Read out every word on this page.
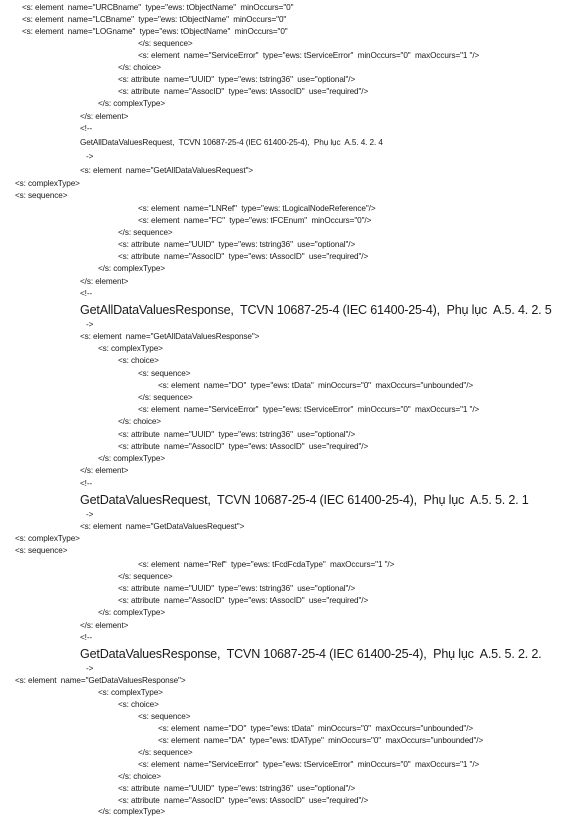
<s: element  name="URCBname"  type="ews: tObjectName"  minOccurs="0"
<s: element  name="LCBname"  type="ews: tObjectName"  minOccurs="0"
<s: element  name="LOGname"  type="ews: tObjectName"  minOccurs="0"
</s: sequence>
<s: element  name="ServiceError"  type="ews: tServiceError"  minOccurs="0"  maxOccurs="1 "/>
</s: choice>
<s: attribute  name="UUID"  type="ews: tstring36"  use="optional"/>
<s: attribute  name="AssocID"  type="ews: tAssocID"  use="required"/>
</s: complexType>
</s: element>
<!--
GetAllDataValuesRequest,  TCVN 10687-25-4 (IEC 61400-25-4),  Phụ lục  A.5. 4. 2. 4
->
<s: element  name="GetAllDataValuesRequest">
<s: complexType>
<s: sequence>
<s: element  name="LNRef"  type="ews: tLogicalNodeReference"/>
<s: element  name="FC"  type="ews: tFCEnum"  minOccurs="0"/>
</s: sequence>
<s: attribute  name="UUID"  type="ews: tstring36"  use="optional"/>
<s: attribute  name="AssocID"  type="ews: tAssocID"  use="required"/>
</s: complexType>
</s: element>
<!--
GetAllDataValuesResponse,  TCVN 10687-25-4 (IEC 61400-25-4),  Phụ lục  A.5. 4. 2. 5
->
<s: element  name="GetAllDataValuesResponse">
<s: complexType>
<s: choice>
<s: sequence>
<s: element  name="DO"  type="ews: tData"  minOccurs="0"  maxOccurs="unbounded"/>
</s: sequence>
<s: element  name="ServiceError"  type="ews: tServiceError"  minOccurs="0"  maxOccurs="1 "/>
</s: choice>
<s: attribute  name="UUID"  type="ews: tstring36"  use="optional"/>
<s: attribute  name="AssocID"  type="ews: tAssocID"  use="required"/>
</s: complexType>
</s: element>
<!--
GetDataValuesRequest,  TCVN 10687-25-4 (IEC 61400-25-4),  Phụ lục  A.5. 5. 2. 1
->
<s: element  name="GetDataValuesRequest">
<s: complexType>
<s: sequence>
<s: element  name="Ref"  type="ews: tFcdFcdaType"  maxOccurs="1 "/>
</s: sequence>
<s: attribute  name="UUID"  type="ews: tstring36"  use="optional"/>
<s: attribute  name="AssocID"  type="ews: tAssocID"  use="required"/>
</s: complexType>
</s: element>
<!--
GetDataValuesResponse,  TCVN 10687-25-4 (IEC 61400-25-4),  Phụ lục  A.5. 5. 2. 2.
->
<s: element  name="GetDataValuesResponse">
<s: complexType>
<s: choice>
<s: sequence>
<s: element  name="DO"  type="ews: tData"  minOccurs="0"  maxOccurs="unbounded"/>
<s: element  name="DA"  type="ews: tDAType"  minOccurs="0"  maxOccurs="unbounded"/>
</s: sequence>
<s: element  name="ServiceError"  type="ews: tServiceError"  minOccurs="0"  maxOccurs="1 "/>
</s: choice>
<s: attribute  name="UUID"  type="ews: tstring36"  use="optional"/>
<s: attribute  name="AssocID"  type="ews: tAssocID"  use="required"/>
</s: complexType>
